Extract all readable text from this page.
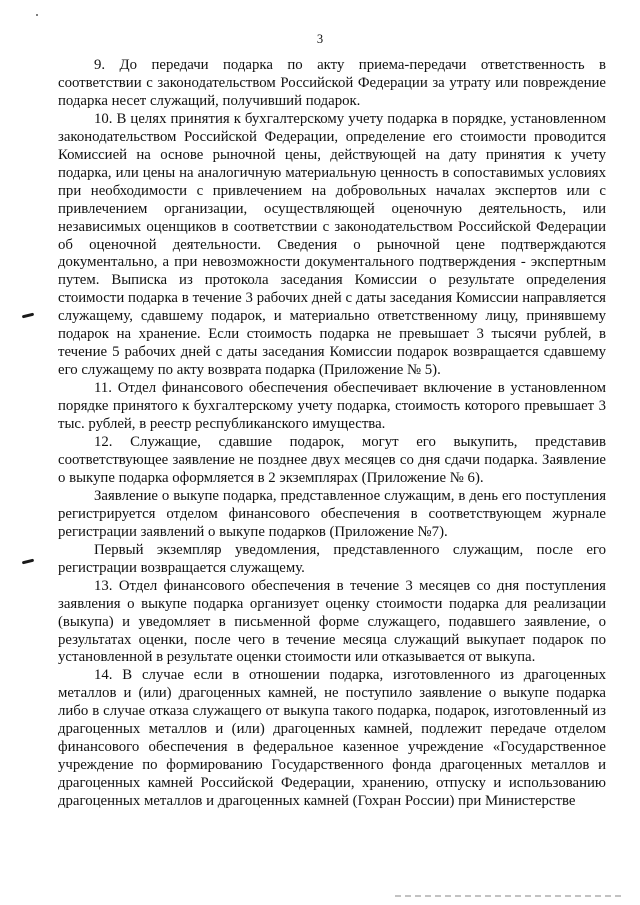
3

9. До передачи подарка по акту приема-передачи ответственность в соответствии с законодательством Российской Федерации за утрату или повреждение подарка несет служащий, получивший подарок.

10. В целях принятия к бухгалтерскому учету подарка в порядке, установленном законодательством Российской Федерации, определение его стоимости проводится Комиссией на основе рыночной цены, действующей на дату принятия к учету подарка, или цены на аналогичную материальную ценность в сопоставимых условиях при необходимости с привлечением на добровольных началах экспертов или с привлечением организации, осуществляющей оценочную деятельность, или независимых оценщиков в соответствии с законодательством Российской Федерации об оценочной деятельности. Сведения о рыночной цене подтверждаются документально, а при невозможности документального подтверждения - экспертным путем. Выписка из протокола заседания Комиссии о результате определения стоимости подарка в течение 3 рабочих дней с даты заседания Комиссии направляется служащему, сдавшему подарок, и материально ответственному лицу, принявшему подарок на хранение. Если стоимость подарка не превышает 3 тысячи рублей, в течение 5 рабочих дней с даты заседания Комиссии подарок возвращается сдавшему его служащему по акту возврата подарка (Приложение № 5).

11. Отдел финансового обеспечения обеспечивает включение в установленном порядке принятого к бухгалтерскому учету подарка, стоимость которого превышает 3 тыс. рублей, в реестр республиканского имущества.

12. Служащие, сдавшие подарок, могут его выкупить, представив соответствующее заявление не позднее двух месяцев со дня сдачи подарка. Заявление о выкупе подарка оформляется в 2 экземплярах (Приложение № 6).

Заявление о выкупе подарка, представленное служащим, в день его поступления регистрируется отделом финансового обеспечения в соответствующем журнале регистрации заявлений о выкупе подарков (Приложение №7).

Первый экземпляр уведомления, представленного служащим, после его регистрации возвращается служащему.

13. Отдел финансового обеспечения в течение 3 месяцев со дня поступления заявления о выкупе подарка организует оценку стоимости подарка для реализации (выкупа) и уведомляет в письменной форме служащего, подавшего заявление, о результатах оценки, после чего в течение месяца служащий выкупает подарок по установленной в результате оценки стоимости или отказывается от выкупа.

14. В случае если в отношении подарка, изготовленного из драгоценных металлов и (или) драгоценных камней, не поступило заявление о выкупе подарка либо в случае отказа служащего от выкупа такого подарка, подарок, изготовленный из драгоценных металлов и (или) драгоценных камней, подлежит передаче отделом финансового обеспечения в федеральное казенное учреждение «Государственное учреждение по формированию Государственного фонда драгоценных металлов и драгоценных камней Российской Федерации, хранению, отпуску и использованию драгоценных металлов и драгоценных камней (Гохран России) при Министерстве
